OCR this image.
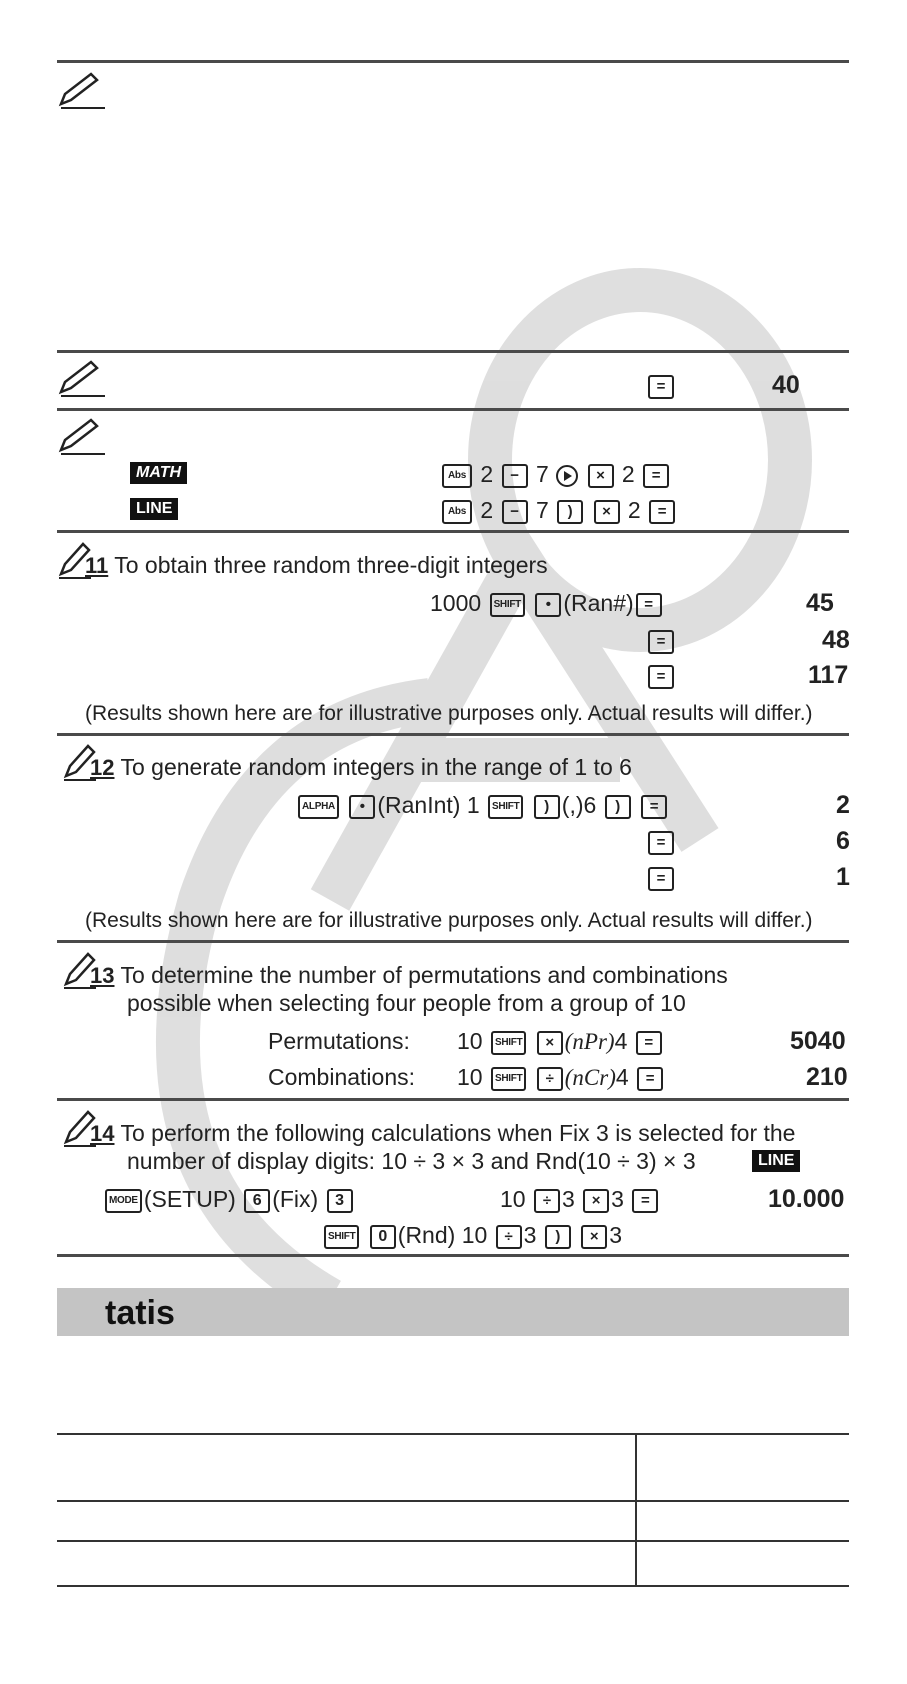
=	40
MATH	Abs 2 − 7	× 2 =
LINE	Abs 2 − 7 ) × 2 =
11 To obtain three random three-digit integers
1000 SHIFT • (Ran#) =	45
=	48
=	117
(Results shown here are for illustrative purposes only. Actual results will differ.)
12 To generate random integers in the range of 1 to 6
ALPHA • (RanInt) 1 SHIFT ) (,)6 ) =	2
=	6
=	1
(Results shown here are for illustrative purposes only. Actual results will differ.)
13 To determine the number of permutations and combinations
possible when selecting four people from a group of 10
Permutations: 10 SHIFT × (nPr)4 =	5040
Combinations: 10 SHIFT ÷ (nCr)4 =	210
14 To perform the following calculations when Fix 3 is selected for the
number of display digits: 10 ÷ 3 × 3 and Rnd(10 ÷ 3) × 3	LINE
MODE (SETUP) 6 (Fix) 3	10 ÷ 3 × 3 =	10.000
SHIFT 0 (Rnd) 10 ÷ 3 ) × 3
tatis
